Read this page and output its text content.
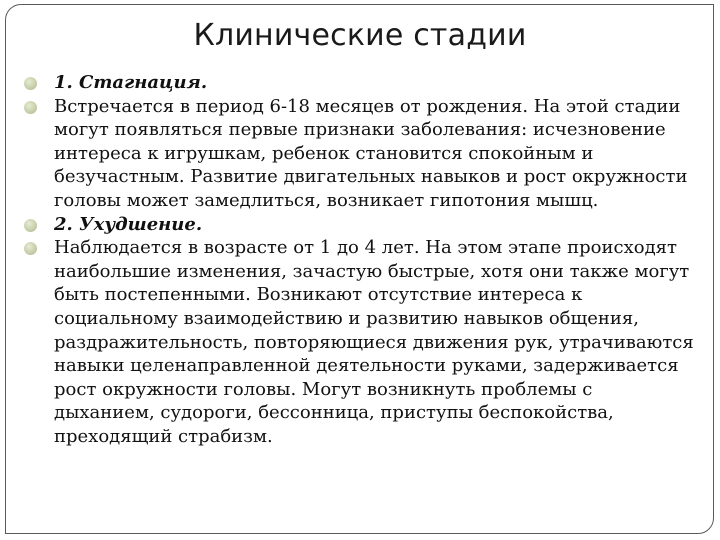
Клинические стадии
1. Стагнация.
Встречается в период 6-18 месяцев от рождения. На этой стадии могут появляться первые признаки заболевания: исчезновение интереса к игрушкам, ребенок становится спокойным и безучастным. Развитие двигательных навыков и рост окружности головы может замедлиться, возникает гипотония мышц.
2. Ухудшение.
Наблюдается в возрасте от 1 до 4 лет. На этом этапе происходят наибольшие изменения, зачастую быстрые, хотя они также могут быть постепенными. Возникают отсутствие интереса к социальному взаимодействию и развитию навыков общения, раздражительность, повторяющиеся движения рук, утрачиваются навыки целенаправленной деятельности руками, задерживается рост окружности головы. Могут возникнуть проблемы с дыханием, судороги, бессонница, приступы беспокойства, преходящий страбизм.
